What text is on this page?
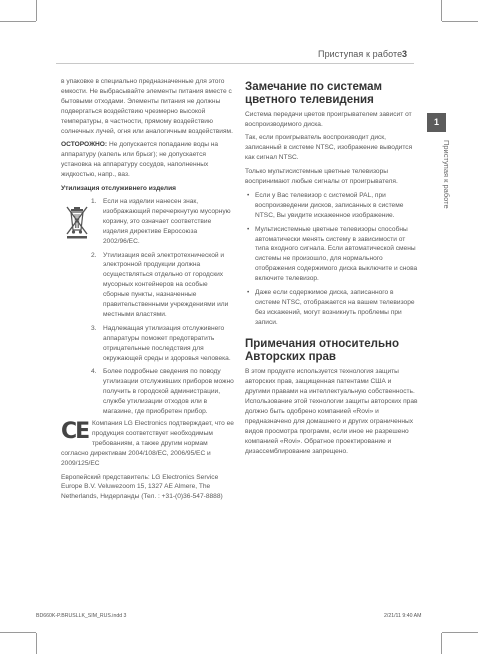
Приступая к работе 3
1
Приступая к работе

в упаковке в специально предназначенные для этого емкости. Не выбрасывайте элементы питания вместе с бытовыми отходами. Элементы питания не должны подвергаться воздействию чрезмерно высокой температуры, в частности, прямому воздействию солнечных лучей, огня или аналогичным воздействиям.

ОСТОРОЖНО: Не допускается попадание воды на аппаратуру (капель или брызг); не допускается установка на аппаратуру сосудов, наполненных жидкостью, напр., ваз.

Утилизация отслуживнего изделия

1. Если на изделии нанесен знак, изображающий перечеркнутую мусорную корзину, это означает соответствие изделия директиве Евросоюза 2002/96/EC.
2. Утилизация всей электротехнической и электронной продукции должна осуществляться отдельно от городских мусорных контейнеров на особые сборные пункты, назначенные правительственными учреждениями или местными властями.
3. Надлежащая утилизация отслуживнего аппаратуры поможет предотвратить отрицательные последствия для окружающей среды и здоровья человека.
4. Более подробные сведения по поводу утилизации отслуживших приборов можно получить в городской администрации, службе утилизации отходов или в магазине, где приобретен прибор.
CE Компания LG Electronics подтверждает, что ее продукция соответствует необходимым требованиям, а также другим нормам согласно директивам 2004/108/EC, 2006/95/EC и 2009/125/EC

Европейский представитель: LG Electronics Service Europe B.V. Veluwezoom 15, 1327 AE Almere, The Netherlands, Нидерланды (Тел. : +31-(0)36-547-8888)

Замечание по системам
цветного телевидения

Система передачи цветов проигрывателем зависит от воспроизводимого диска.

Так, если проигрыватель воспроизводит диск, записанный в системе NTSC, изображение выводится как сигнал NTSC.

Только мультисистемные цветные телевизоры воспринимают любые сигналы от проигрывателя.

• Если у Вас телевизор с системой PAL, при воспроизведении дисков, записанных в системе NTSC, Вы увидите искаженное изображение.
• Мультисистемные цветные телевизоры способны автоматически менять систему в зависимости от типа входного сигнала. Если автоматической смены системы не произошло, для нормального отображения содержимого диска выключите и снова включите телевизор.
• Даже если содержимое диска, записанного в системе NTSC, отображается на вашем телевизоре без искажений, могут возникнуть проблемы при записи.
Примечания относительно
Авторских прав

В этом продукте используется технология защиты авторских прав, защищенная патентами США и другими правами на интеллектуальную собственность. Использование этой технологии защиты авторских прав должно быть одобрено компанией «Rovi» и предназначено для домашнего и других ограниченных видов просмотра программ, если иное не разрешено компанией «Rovi». Обратное проектирование и дизассемблирование запрещено.

BD660K-P.BRUSLLK_SIM_RUS.indd 3	2/21/11 9:40 AM
